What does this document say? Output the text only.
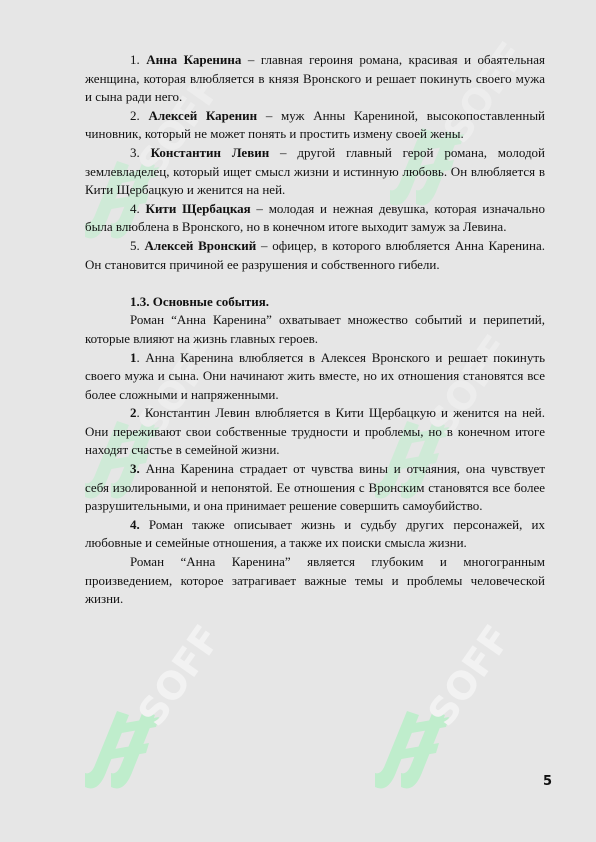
1. Анна Каренина – главная героиня романа, красивая и обаятельная женщина, которая влюбляется в князя Вронского и решает покинуть своего мужа и сына ради него.

2. Алексей Каренин – муж Анны Карениной, высокопоставленный чиновник, который не может понять и простить измену своей жены.

3. Константин Левин – другой главный герой романа, молодой землевладелец, который ищет смысл жизни и истинную любовь. Он влюбляется в Кити Щербацкую и женится на ней.

4. Кити Щербацкая – молодая и нежная девушка, которая изначально была влюблена в Вронского, но в конечном итоге выходит замуж за Левина.

5. Алексей Вронский – офицер, в которого влюбляется Анна Каренина. Он становится причиной ее разрушения и собственного гибели.

1.3. Основные события.

Роман “Анна Каренина” охватывает множество событий и перипетий, которые влияют на жизнь главных героев.

1. Анна Каренина влюбляется в Алексея Вронского и решает покинуть своего мужа и сына. Они начинают жить вместе, но их отношения становятся все более сложными и напряженными.

2. Константин Левин влюбляется в Кити Щербацкую и женится на ней. Они переживают свои собственные трудности и проблемы, но в конечном итоге находят счастье в семейной жизни.

3. Анна Каренина страдает от чувства вины и отчаяния, она чувствует себя изолированной и непонятой. Ее отношения с Вронским становятся все более разрушительными, и она принимает решение совершить самоубийство.

4. Роман также описывает жизнь и судьбу других персонажей, их любовные и семейные отношения, а также их поиски смысла жизни.

Роман “Анна Каренина” является глубоким и многогранным произведением, которое затрагивает важные темы и проблемы человеческой жизни.

5
